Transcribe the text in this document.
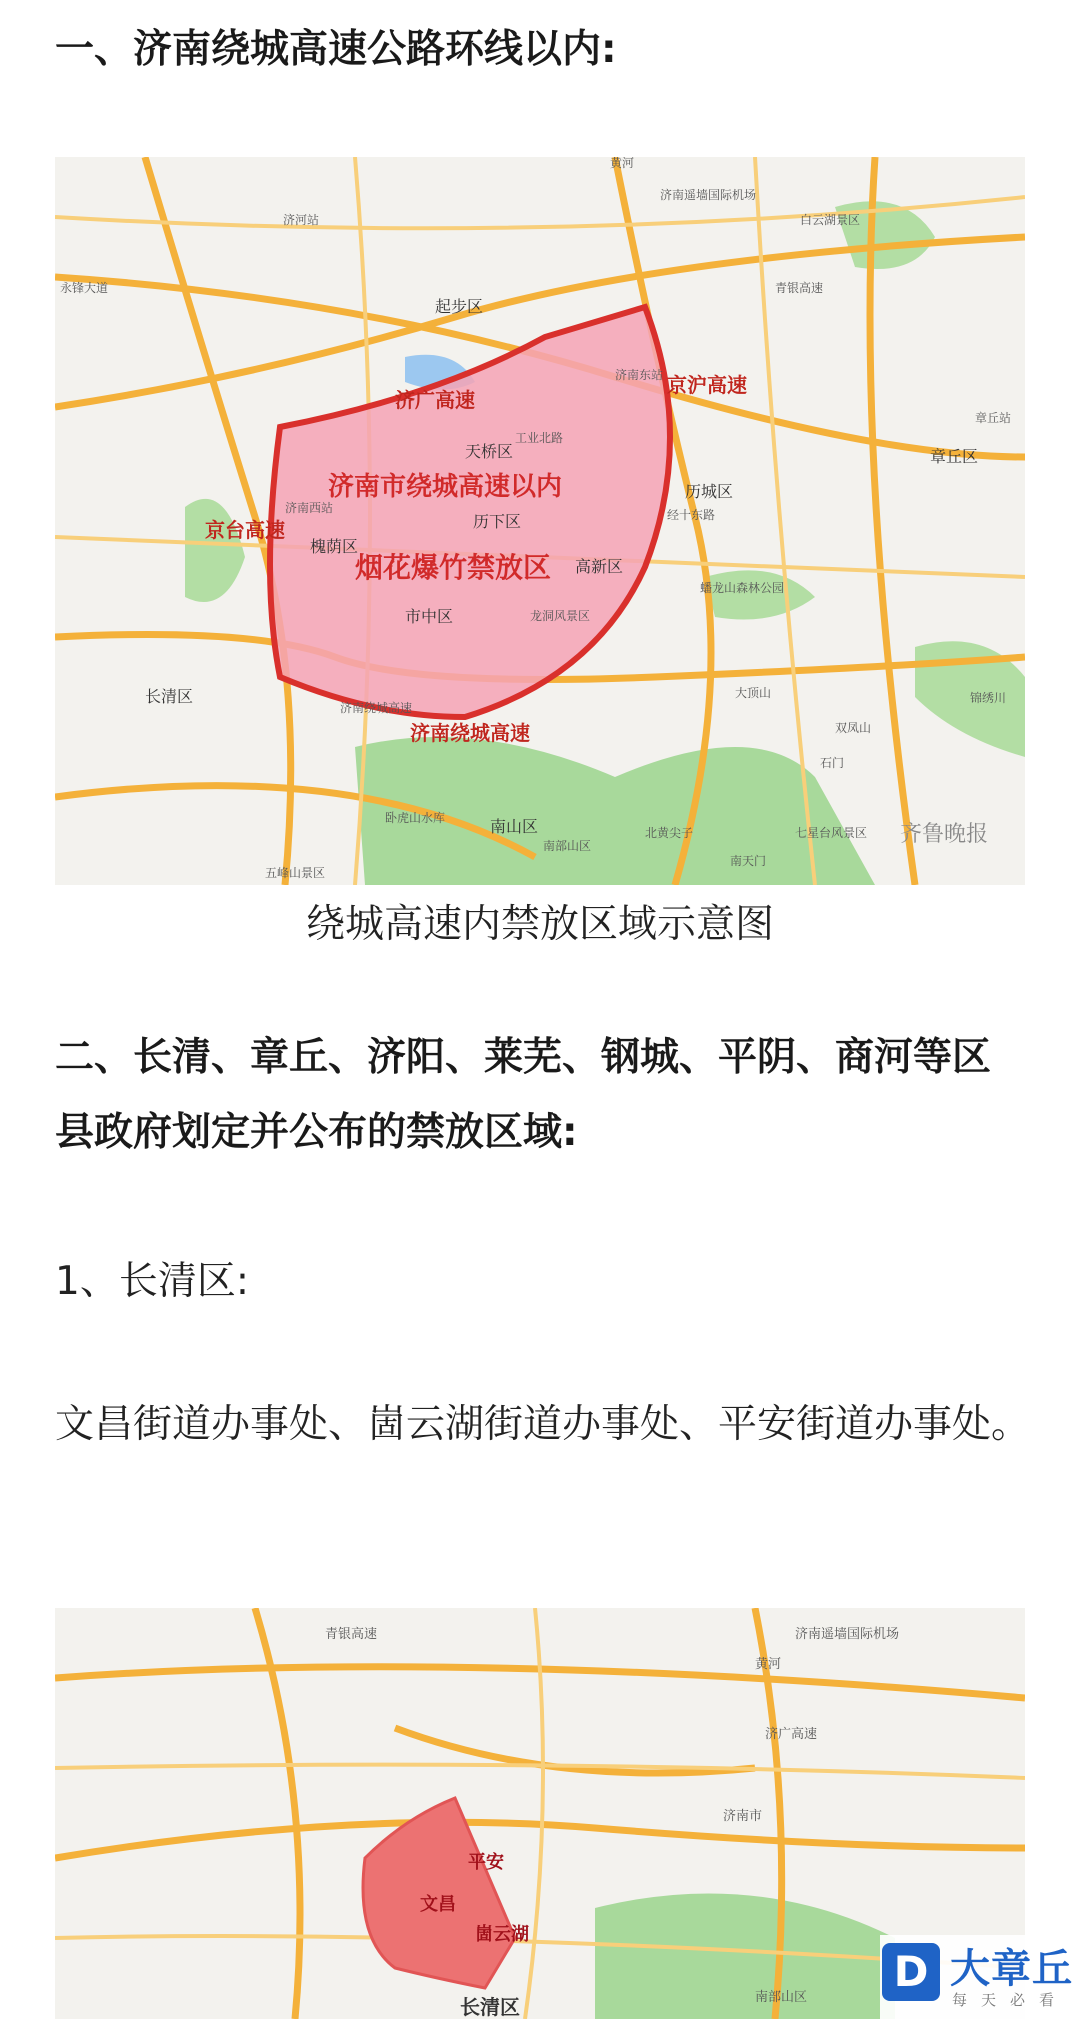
一、济南绕城高速公路环线以内:
济南市绕城高速以内
烟花爆竹禁放区
济广高速
京沪高速
京台高速
济南绕城高速
起步区
天桥区
历下区
槐荫区
市中区
高新区
历城区
长清区
南山区
章丘区
济南遥墙国际机场
济河站	白云湖景区
永锋大道
济南东站
章丘站
济南西站
蟠龙山森林公园
大顶山
双凤山
石门
卧虎山水库
北黄尖子	七星台风景区
南天门
五峰山景区
锦绣川
南部山区
龙洞风景区
工业北路
经十东路
济南绕城高速
青银高速
黄河
齐鲁晚报

绕城高速内禁放区域示意图

二、长清、章丘、济阳、莱芜、钢城、平阴、商河等区县政府划定并公布的禁放区域:

1、长清区:

文昌街道办事处、崮云湖街道办事处、平安街道办事处。

平安
文昌
崮云湖
长清区
济南遥墙国际机场
济南市
南部山区
济广高速
青银高速
黄河
D 大章丘
每天必看
